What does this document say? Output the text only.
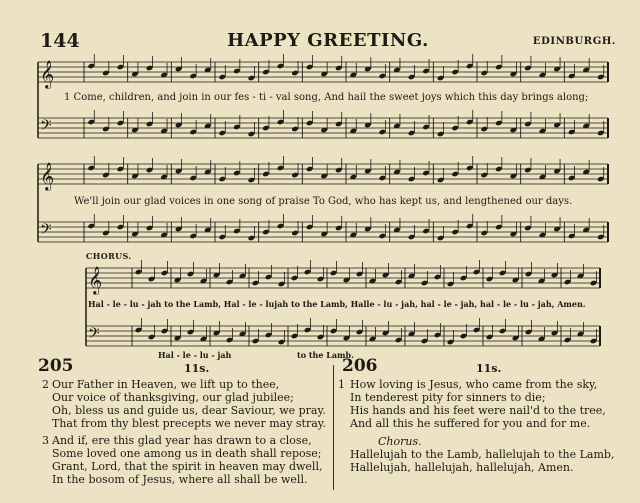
144	HAPPY GREETING.	EDINBURGH.
𝄞
𝄢
𝄞
𝄢
𝄞
𝄢
1 Come, children, and join in our fes - ti - val song, And hail the sweet joys which this day brings along;
We'll join our glad voices in one song of praise To God, who has kept us, and lengthened our days.
CHORUS.
Hal - le - lu - jah to the Lamb, Hal - le - lujah to the Lamb, Halle - lu - jah, hal - le - jah, hal - le - lu - jah, Amen.
Hal - le - lu - jah	to the Lamb.
205	11s.
2 Our Father in Heaven, we lift up to thee,
Our voice of thanksgiving, our glad jubilee;
Oh, bless us and guide us, dear Saviour, we pray.
That from thy blest precepts we never may stray.
3 And if, ere this glad year has drawn to a close,
Some loved one among us in death shall repose;
Grant, Lord, that the spirit in heaven may dwell,
In the bosom of Jesus, where all shall be well.
206	11s.
1 How loving is Jesus, who came from the sky,
In tenderest pity for sinners to die;
His hands and his feet were nail'd to the tree,
And all this he suffered for you and for me.
Chorus.
Hallelujah to the Lamb, hallelujah to the Lamb,
Hallelujah, hallelujah, hallelujah, Amen.
